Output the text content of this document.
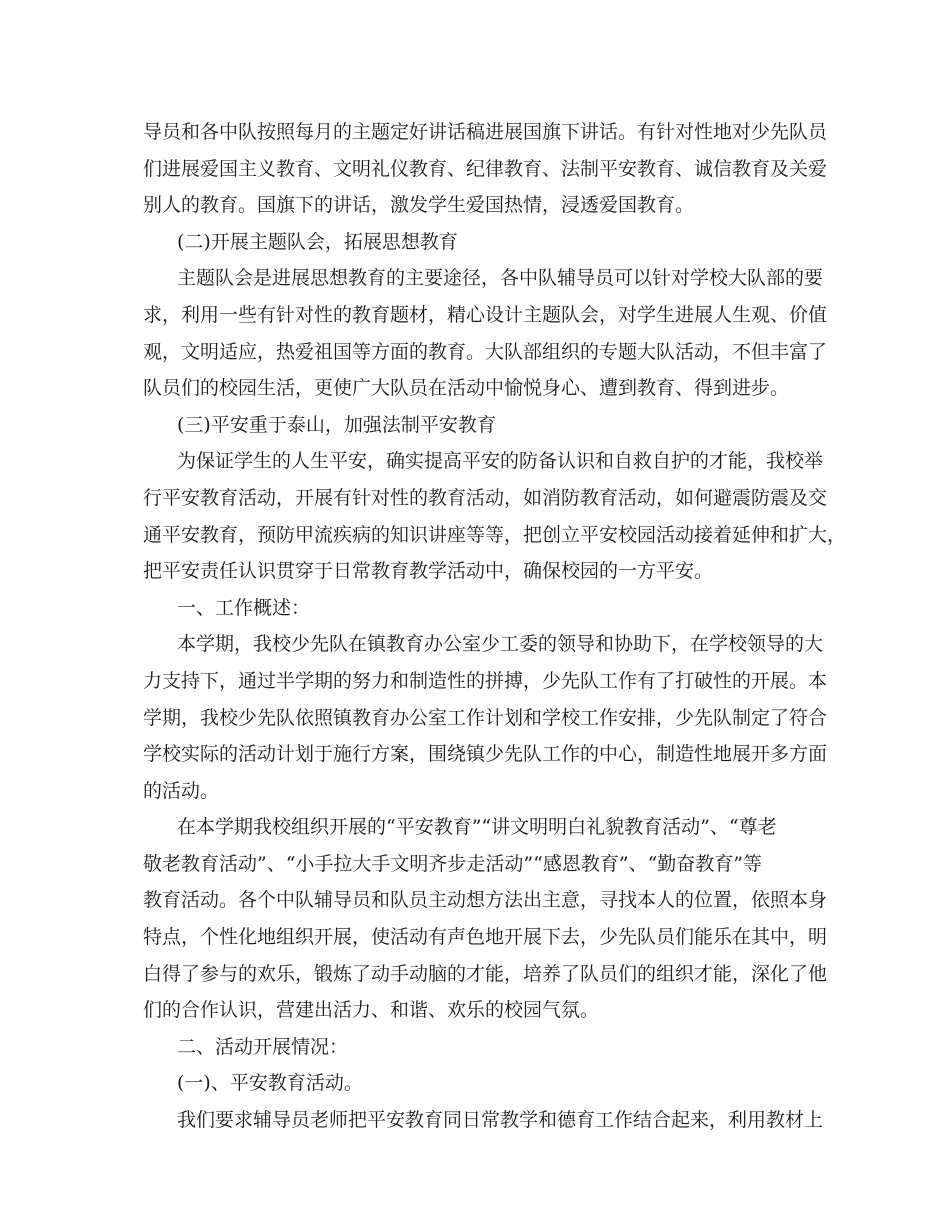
导员和各中队按照每月的主题定好讲话稿进展国旗下讲话。有针对性地对少先队员
们进展爱国主义教育、文明礼仪教育、纪律教育、法制平安教育、诚信教育及关爱
别人的教育。国旗下的讲话，激发学生爱国热情，浸透爱国教育。
(二)开展主题队会，拓展思想教育
主题队会是进展思想教育的主要途径，各中队辅导员可以针对学校大队部的要
求，利用一些有针对性的教育题材，精心设计主题队会，对学生进展人生观、价值
观，文明适应，热爱祖国等方面的教育。大队部组织的专题大队活动，不但丰富了
队员们的校园生活，更使广大队员在活动中愉悦身心、遭到教育、得到进步。
(三)平安重于泰山，加强法制平安教育
为保证学生的人生平安，确实提高平安的防备认识和自救自护的才能，我校举
行平安教育活动，开展有针对性的教育活动，如消防教育活动，如何避震防震及交
通平安教育，预防甲流疾病的知识讲座等等，把创立平安校园活动接着延伸和扩大，
把平安责任认识贯穿于日常教育教学活动中，确保校园的一方平安。
一、工作概述：
本学期，我校少先队在镇教育办公室少工委的领导和协助下，在学校领导的大
力支持下，通过半学期的努力和制造性的拼搏，少先队工作有了打破性的开展。本
学期，我校少先队依照镇教育办公室工作计划和学校工作安排，少先队制定了符合
学校实际的活动计划于施行方案，围绕镇少先队工作的中心，制造性地展开多方面
的活动。
在本学期我校组织开展的“平安教育”“讲文明明白礼貌教育活动”、“尊老
敬老教育活动”、“小手拉大手文明齐步走活动”“感恩教育”、“勤奋教育”等
教育活动。各个中队辅导员和队员主动想方法出主意，寻找本人的位置，依照本身
特点，个性化地组织开展，使活动有声色地开展下去，少先队员们能乐在其中，明
白得了参与的欢乐，锻炼了动手动脑的才能，培养了队员们的组织才能，深化了他
们的合作认识，营建出活力、和谐、欢乐的校园气氛。
二、活动开展情况：
(一)、平安教育活动。
我们要求辅导员老师把平安教育同日常教学和德育工作结合起来，利用教材上
